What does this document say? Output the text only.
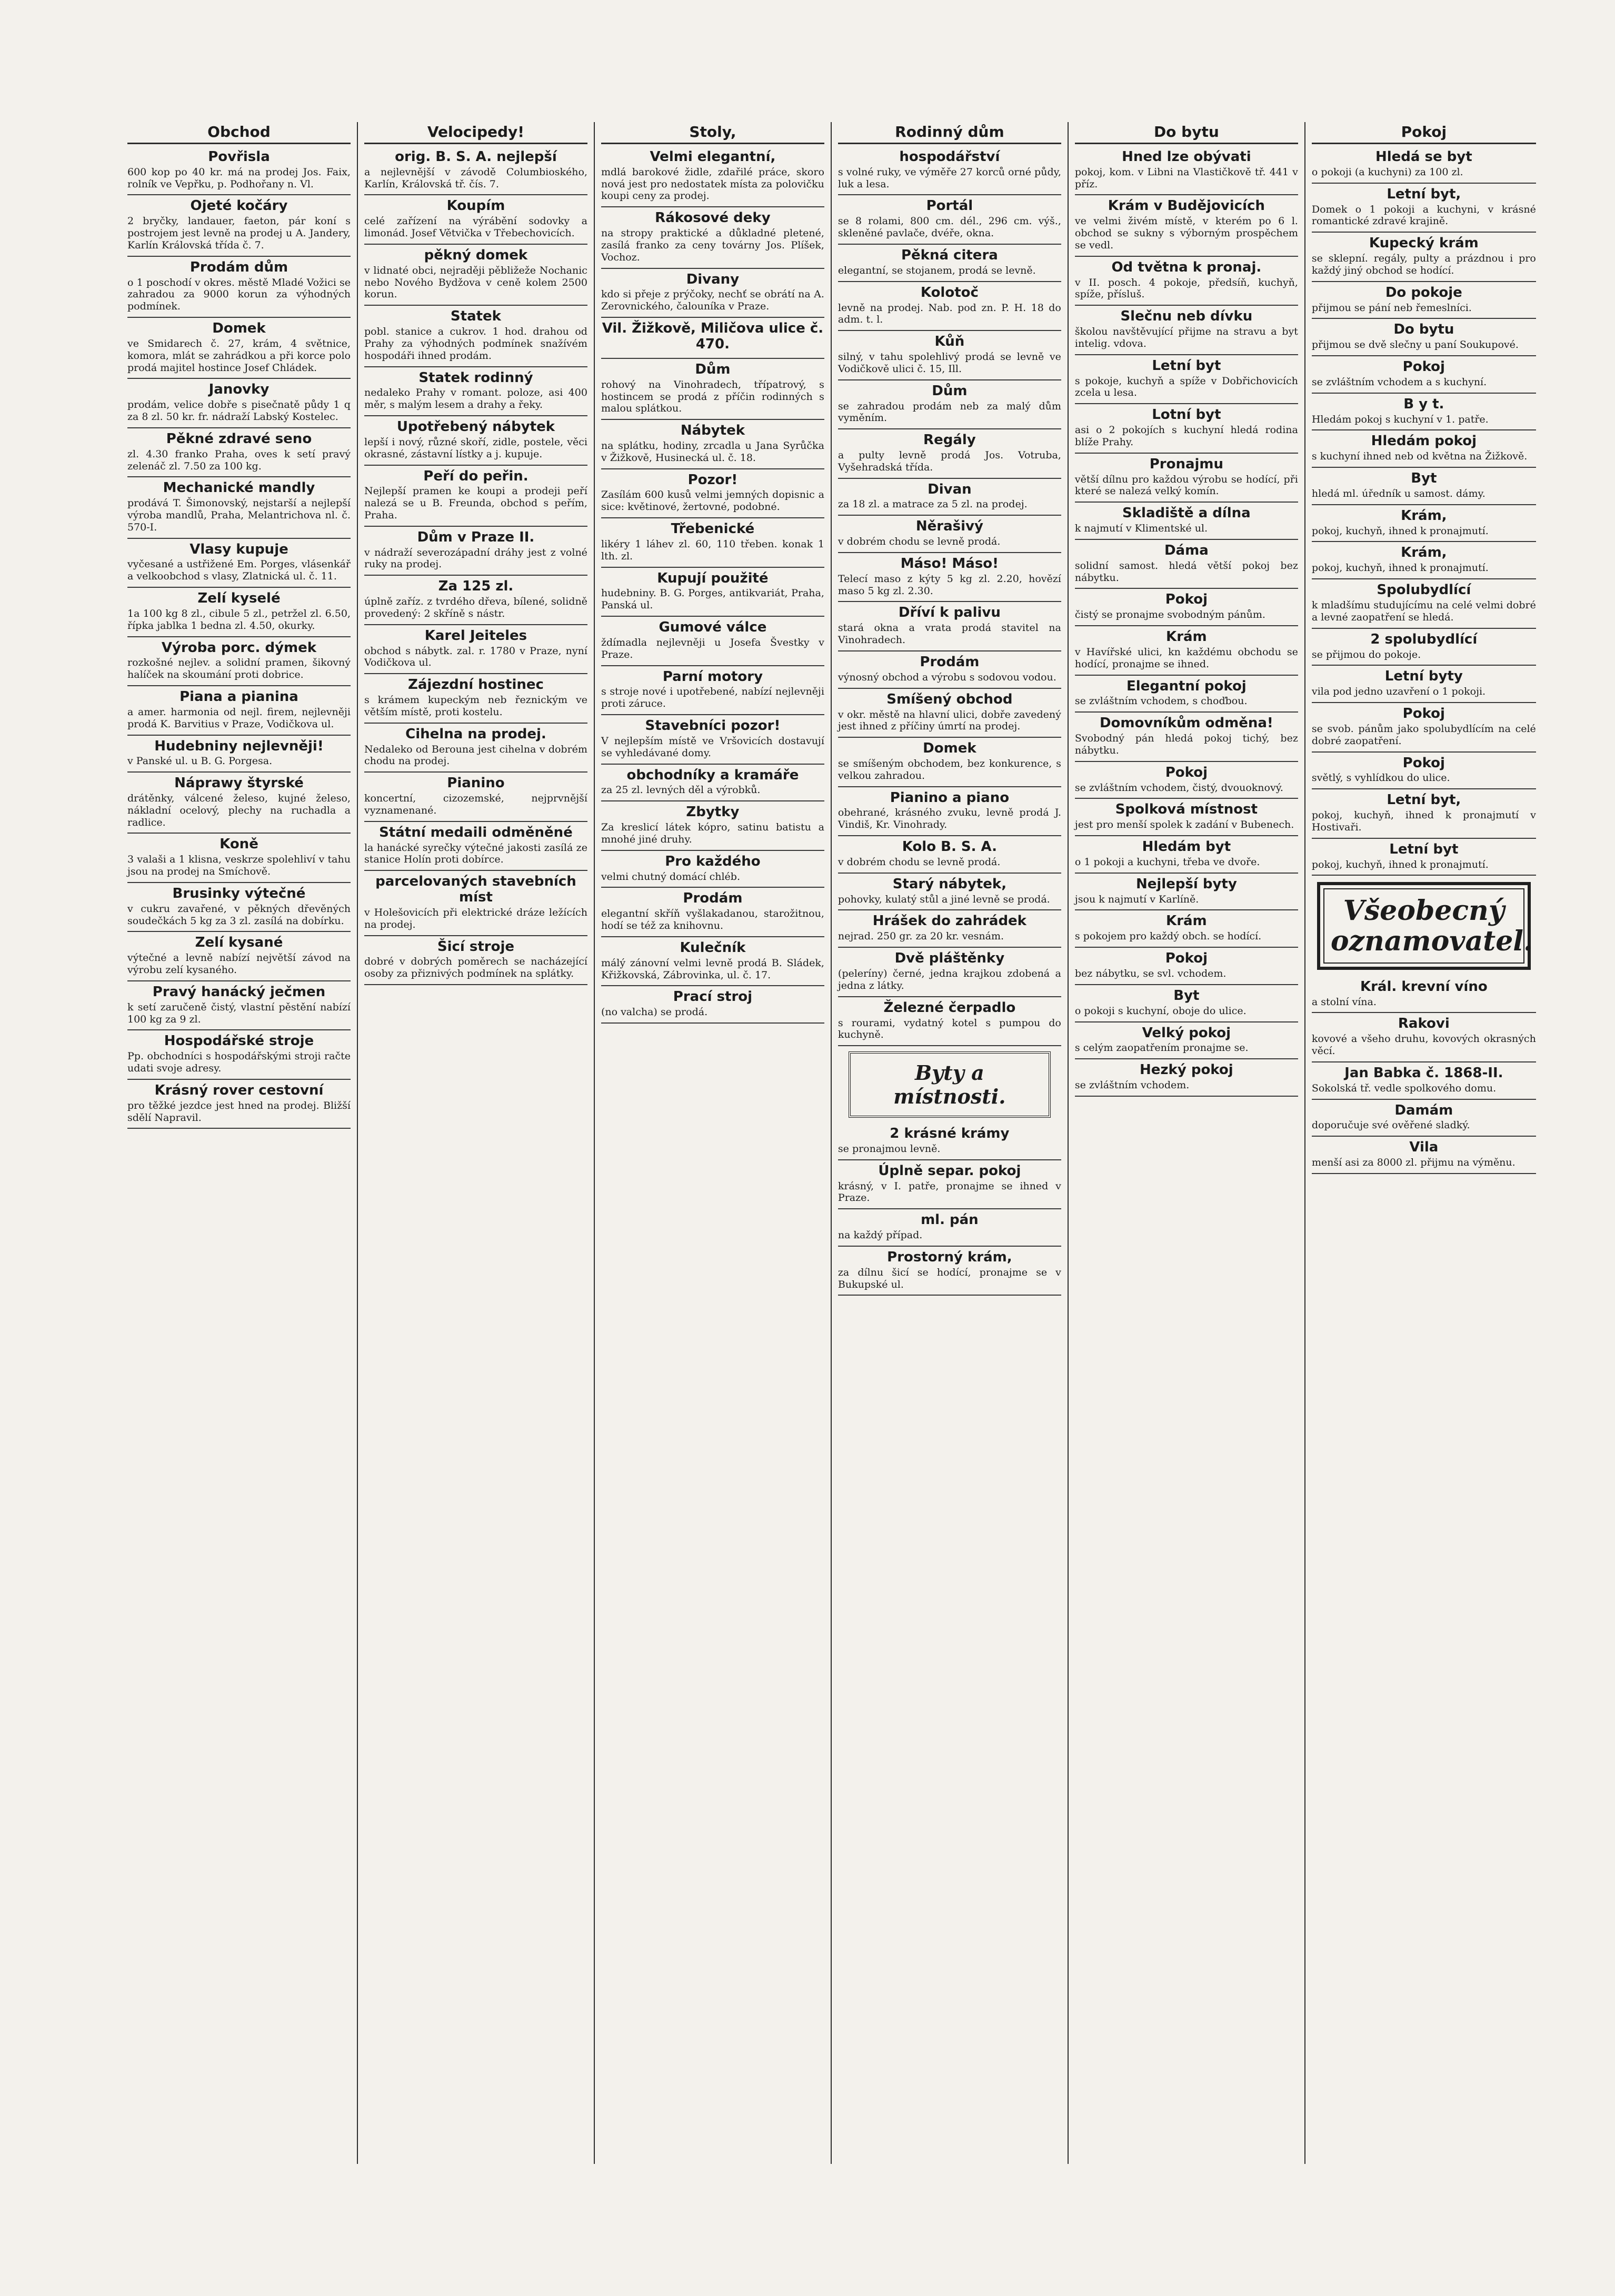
Obchod
Povřisla

600 kop po 40 kr. má na prodej Jos. Faix, rolník ve Vepřku, p. Podhořany n. Vl.

Ojeté kočáry

2 bryčky, landauer, faeton, pár koní s postrojem jest levně na prodej u A. Jandery, Karlín Královská třída č. 7.

Prodám dům

o 1 poschodí v okres. městě Mladé Vožici se zahradou za 9000 korun za výhodných podmínek.

Domek

ve Smidarech č. 27, krám, 4 světnice, komora, mlát se zahrádkou a při korce polo prodá majitel hostince Josef Chládek.

Janovky

prodám, velice dobře s pisečnatě půdy 1 q za 8 zl. 50 kr. fr. nádraží Labský Kostelec.

Pěkné zdravé seno

zl. 4.30 franko Praha, oves k setí pravý zelenáč zl. 7.50 za 100 kg.

Mechanické mandly

prodává T. Šimonovský, nejstarší a nejlepší výroba mandlů, Praha, Melantrichova nl. č. 570-I.

Vlasy kupuje

vyčesané a ustřižené Em. Porges, vlásenkář a velkoobchod s vlasy, Zlatnická ul. č. 11.

Zelí kyselé

1a 100 kg 8 zl., cibule 5 zl., petržel zl. 6.50, řípka jablka 1 bedna zl. 4.50, okurky.

Výroba porc. dýmek

rozkošné nejlev. a solidní pramen, šikovný halíček na skoumání proti dobrice.

Piana a pianina

a amer. harmonia od nejl. firem, nejlevněji prodá K. Barvitius v Praze, Vodičkova ul.

Hudebniny nejlevněji!

v Panské ul. u B. G. Porgesa.

Náprawy štyrské

drátěnky, válcené želeso, kujné želeso, nákladní ocelový, plechy na ruchadla a radlice.

Koně

3 valaši a 1 klisna, veskrze spolehliví v tahu jsou na prodej na Smíchově.

Brusinky výtečné

v cukru zavařené, v pěkných dřevěných soudečkách 5 kg za 3 zl. zasílá na dobírku.

Zelí kysané

výtečné a levně nabízí největší závod na výrobu zelí kysaného.

Pravý hanácký ječmen

k setí zaručeně čistý, vlastní pěstění nabízí 100 kg za 9 zl.

Hospodářské stroje

Pp. obchodníci s hospodářskými stroji račte udati svoje adresy.

Krásný rover cestovní

pro těžké jezdce jest hned na prodej. Bližší sdělí Napravil.

Velocipedy!
orig. B. S. A. nejlepší

a nejlevnější v závodě Columbioského, Karlín, Královská tř. čís. 7.

Koupím

celé zařízení na výrábění sodovky a limonád. Josef Větvička v Třebechovicích.

pěkný domek

v lidnaté obci, nejraději pěbližeže Nochanic nebo Nového Bydžova v ceně kolem 2500 korun.

Statek

pobl. stanice a cukrov. 1 hod. drahou od Prahy za výhodných podmínek snažívém hospodáři ihned prodám.

Statek rodinný

nedaleko Prahy v romant. poloze, asi 400 měr, s malým lesem a drahy a řeky.

Upotřebený nábytek

lepší i nový, různé skoří, zidle, postele, věci okrasné, zástavní lístky a j. kupuje.

Peří do peřin.

Nejlepší pramen ke koupi a prodeji peří nalezá se u B. Freunda, obchod s peřím, Praha.

Dům v Praze II.

v nádraží severozápadní dráhy jest z volné ruky na prodej.

Za 125 zl.

úplně zaříz. z tvrdého dřeva, bílené, solidně provedený: 2 skříně s nástr.

Karel Jeiteles

obchod s nábytk. zal. r. 1780 v Praze, nyní Vodičkova ul.

Zájezdní hostinec

s krámem kupeckým neb řeznickým ve větším místě, proti kostelu.

Cihelna na prodej.

Nedaleko od Berouna jest cihelna v dobrém chodu na prodej.

Pianino

koncertní, cizozemské, nejprvnější vyznamenané.

Státní medaili odměněné

la hanácké syrečky výtečné jakosti zasílá ze stanice Holín proti dobírce.

parcelovaných stavebních míst

v Holešovicích při elektrické dráze ležících na prodej.

Šicí stroje

dobré v dobrých poměrech se nacházející osoby za přiznivých podmínek na splátky.

Stoly,
Velmi elegantní,

mdlá barokové židle, zdařilé práce, skoro nová jest pro nedostatek místa za polovičku koupi ceny za prodej.

Rákosové deky

na stropy praktické a důkladné pletené, zasílá franko za ceny továrny Jos. Plíšek, Vochoz.

Divany

kdo si přeje z prýčoky, nechť se obrátí na A. Zerovnického, čalouníka v Praze.

Vil. Žižkově, Miličova ulice č. 470.
Dům

rohový na Vinohradech, třípatrový, s hostincem se prodá z příčin rodinných s malou splátkou.

Nábytek

na splátku, hodiny, zrcadla u Jana Syrůčka v Žižkově, Husinecká ul. č. 18.

Pozor!

Zasílám 600 kusů velmi jemných dopisnic a sice: květinové, žertovné, podobné.

Třebenické

likéry 1 láhev zl. 60, 110 třeben. konak 1 lth. zl.

Kupují použité

hudebniny. B. G. Porges, antikvariát, Praha, Panská ul.

Gumové válce

ždímadla nejlevněji u Josefa Švestky v Praze.

Parní motory

s stroje nové i upotřebené, nabízí nejlevněji proti záruce.

Stavebníci pozor!

V nejlepším místě ve Vršovicích dostavují se vyhledávané domy.

obchodníky a kramáře

za 25 zl. levných děl a výrobků.

Zbytky

Za kreslicí látek kópro, satinu batistu a mnohé jiné druhy.

Pro každého

velmi chutný domácí chléb.

Prodám

elegantní skříň vyšlakadanou, starožitnou, hodí se též za knihovnu.

Kulečník

málý zánovní velmi levně prodá B. Sládek, Křižkovská, Zábrovinka, ul. č. 17.

Prací stroj

(no valcha) se prodá.

Rodinný dům
hospodářství

s volné ruky, ve výměře 27 korců orné půdy, luk a lesa.

Portál

se 8 rolami, 800 cm. dél., 296 cm. výš., skleněné pavlače, dvéře, okna.

Pěkná citera

elegantní, se stojanem, prodá se levně.

Kolotoč

levně na prodej. Nab. pod zn. P. H. 18 do adm. t. l.

Kůň

silný, v tahu spolehlivý prodá se levně ve Vodičkově ulici č. 15, Ill.

Dům

se zahradou prodám neb za malý dům vyměním.

Regály

a pulty levně prodá Jos. Votruba, Vyšehradská třída.

Divan

za 18 zl. a matrace za 5 zl. na prodej.

Něrašivý

v dobrém chodu se levně prodá.

Máso! Máso!

Telecí maso z kýty 5 kg zl. 2.20, hovězí maso 5 kg zl. 2.30.

Dříví k palivu

stará okna a vrata prodá stavitel na Vinohradech.

Prodám

výnosný obchod a výrobu s sodovou vodou.

Smíšený obchod

v okr. městě na hlavní ulici, dobře zavedený jest ihned z příčiny úmrtí na prodej.

Domek

se smíšeným obchodem, bez konkurence, s velkou zahradou.

Pianino a piano

obehrané, krásného zvuku, levně prodá J. Vindiš, Kr. Vinohrady.

Kolo B. S. A.

v dobrém chodu se levně prodá.

Starý nábytek,

pohovky, kulatý stůl a jiné levně se prodá.

Hrášek do zahrádek

nejrad. 250 gr. za 20 kr. vesnám.

Dvě pláštěnky

(peleríny) černé, jedna krajkou zdobená a jedna z látky.

Železné čerpadlo

s rourami, vydatný kotel s pumpou do kuchyně.

Byty a místnosti.
2 krásné krámy

se pronajmou levně.

Úplně separ. pokoj

krásný, v I. patře, pronajme se ihned v Praze.

ml. pán

na každý případ.

Prostorný krám,

za dílnu šicí se hodící, pronajme se v Bukupské ul.

Do bytu
Hned lze obývati

pokoj, kom. v Libni na Vlastičkově tř. 441 v příz.

Krám v Budějovicích

ve velmi živém místě, v kterém po 6 l. obchod se sukny s výborným prospěchem se vedl.

Od tvětna k pronaj.

v II. posch. 4 pokoje, předsíň, kuchyň, spíže, přísluš.

Slečnu neb dívku

školou navštěvující přijme na stravu a byt intelig. vdova.

Letní byt

s pokoje, kuchyň a spíže v Dobřichovicích zcela u lesa.

Lotní byt

asi o 2 pokojích s kuchyní hledá rodina blíže Prahy.

Pronajmu

větší dílnu pro každou výrobu se hodící, při které se nalezá velký komín.

Skladiště a dílna

k najmutí v Klimentské ul.

Dáma

solidní samost. hledá větší pokoj bez nábytku.

Pokoj

čistý se pronajme svobodným pánům.

Krám

v Havířské ulici, kn každému obchodu se hodící, pronajme se ihned.

Elegantní pokoj

se zvláštním vchodem, s choďbou.

Domovníkům odměna!

Svobodný pán hledá pokoj tichý, bez nábytku.

Pokoj

se zvláštním vchodem, čistý, dvouoknový.

Spolková místnost

jest pro menší spolek k zadání v Bubenech.

Hledám byt

o 1 pokoji a kuchyni, třeba ve dvoře.

Nejlepší byty

jsou k najmutí v Karlíně.

Krám

s pokojem pro každý obch. se hodící.

Pokoj

bez nábytku, se svl. vchodem.

Byt

o pokoji s kuchyní, oboje do ulice.

Velký pokoj

s celým zaopatřením pronajme se.

Hezký pokoj

se zvláštním vchodem.

Pokoj
Hledá se byt

o pokoji (a kuchyni) za 100 zl.

Letní byt,

Domek o 1 pokoji a kuchyni, v krásné romantické zdravé krajině.

Kupecký krám

se sklepní. regály, pulty a prázdnou i pro každý jiný obchod se hodící.

Do pokoje

přijmou se pání neb řemeslníci.

Do bytu

přijmou se dvě slečny u paní Soukupové.

Pokoj

se zvláštním vchodem a s kuchyní.

B y t.

Hledám pokoj s kuchyní v 1. patře.

Hledám pokoj

s kuchyní ihned neb od května na Žižkově.

Byt

hledá ml. úředník u samost. dámy.

Krám,

pokoj, kuchyň, ihned k pronajmutí.

Krám,

pokoj, kuchyň, ihned k pronajmutí.

Spolubydlící

k mladšímu studujícímu na celé velmi dobré a levné zaopatření se hledá.

2 spolubydlící

se přijmou do pokoje.

Letní byty

vila pod jedno uzavření o 1 pokoji.

Pokoj

se svob. pánům jako spolubydlícím na celé dobré zaopatření.

Pokoj

světlý, s vyhlídkou do ulice.

Letní byt,

pokoj, kuchyň, ihned k pronajmutí v Hostivaři.

Letní byt

pokoj, kuchyň, ihned k pronajmutí.

Všeobecný oznamovatel.
Král. krevní víno

a stolní vína.

Rakovi

kovové a všeho druhu, kovových okrasných věcí.

Jan Babka č. 1868-II.

Sokolská tř. vedle spolkového domu.

Damám

doporučuje své ověřené sladký.

Vila

menší asi za 8000 zl. přijmu na výměnu.
